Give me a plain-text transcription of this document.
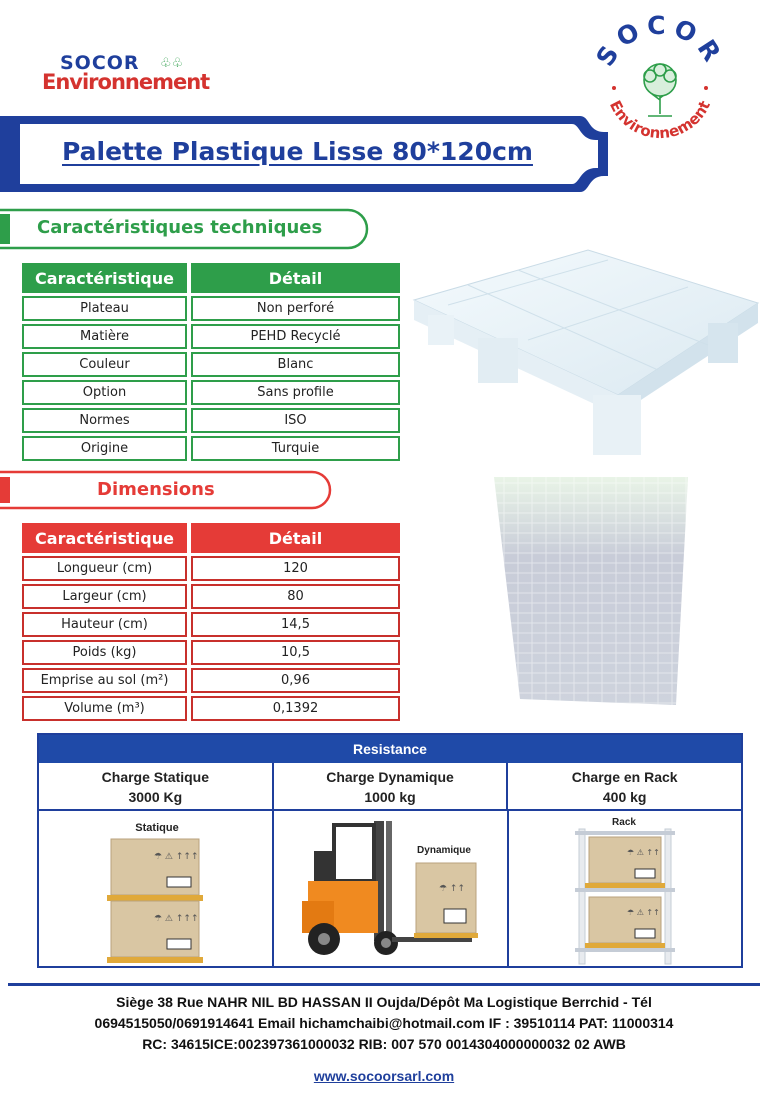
SOCOR ♧♧
Environnement
SOCOR
Environnement
Palette Plastique Lisse 80*120cm
Caractéristiques techniques
Caractéristique	Détail
Plateau	Non perforé
Matière	PEHD Recyclé
Couleur	Blanc
Option	Sans profile
Normes	ISO
Origine	Turquie
Dimensions
Caractéristique	Détail
Longueur (cm)	120
Largeur (cm)	80
Hauteur (cm)	14,5
Poids (kg)	10,5
Emprise au sol (m²)	0,96
Volume (m³)	0,1392
Resistance
Charge Statique
3000 Kg
Charge Dynamique
1000 kg
Charge en Rack
400 kg
Statique
☂ ⚠ ↑↑↑
☂ ⚠ ↑↑↑
☂ ↑↑
Dynamique
Rack
☂ ⚠ ↑↑
☂ ⚠ ↑↑
Siège 38 Rue NAHR NIL BD HASSAN II Oujda/Dépôt Ma Logistique Berrchid - Tél
0694515050/0691914641 Email hichamchaibi@hotmail.com IF : 39510114 PAT: 11000314
RC: 34615ICE:002397361000032 RIB: 007 570 0014304000000032 02 AWB
www.socoorsarl.com
